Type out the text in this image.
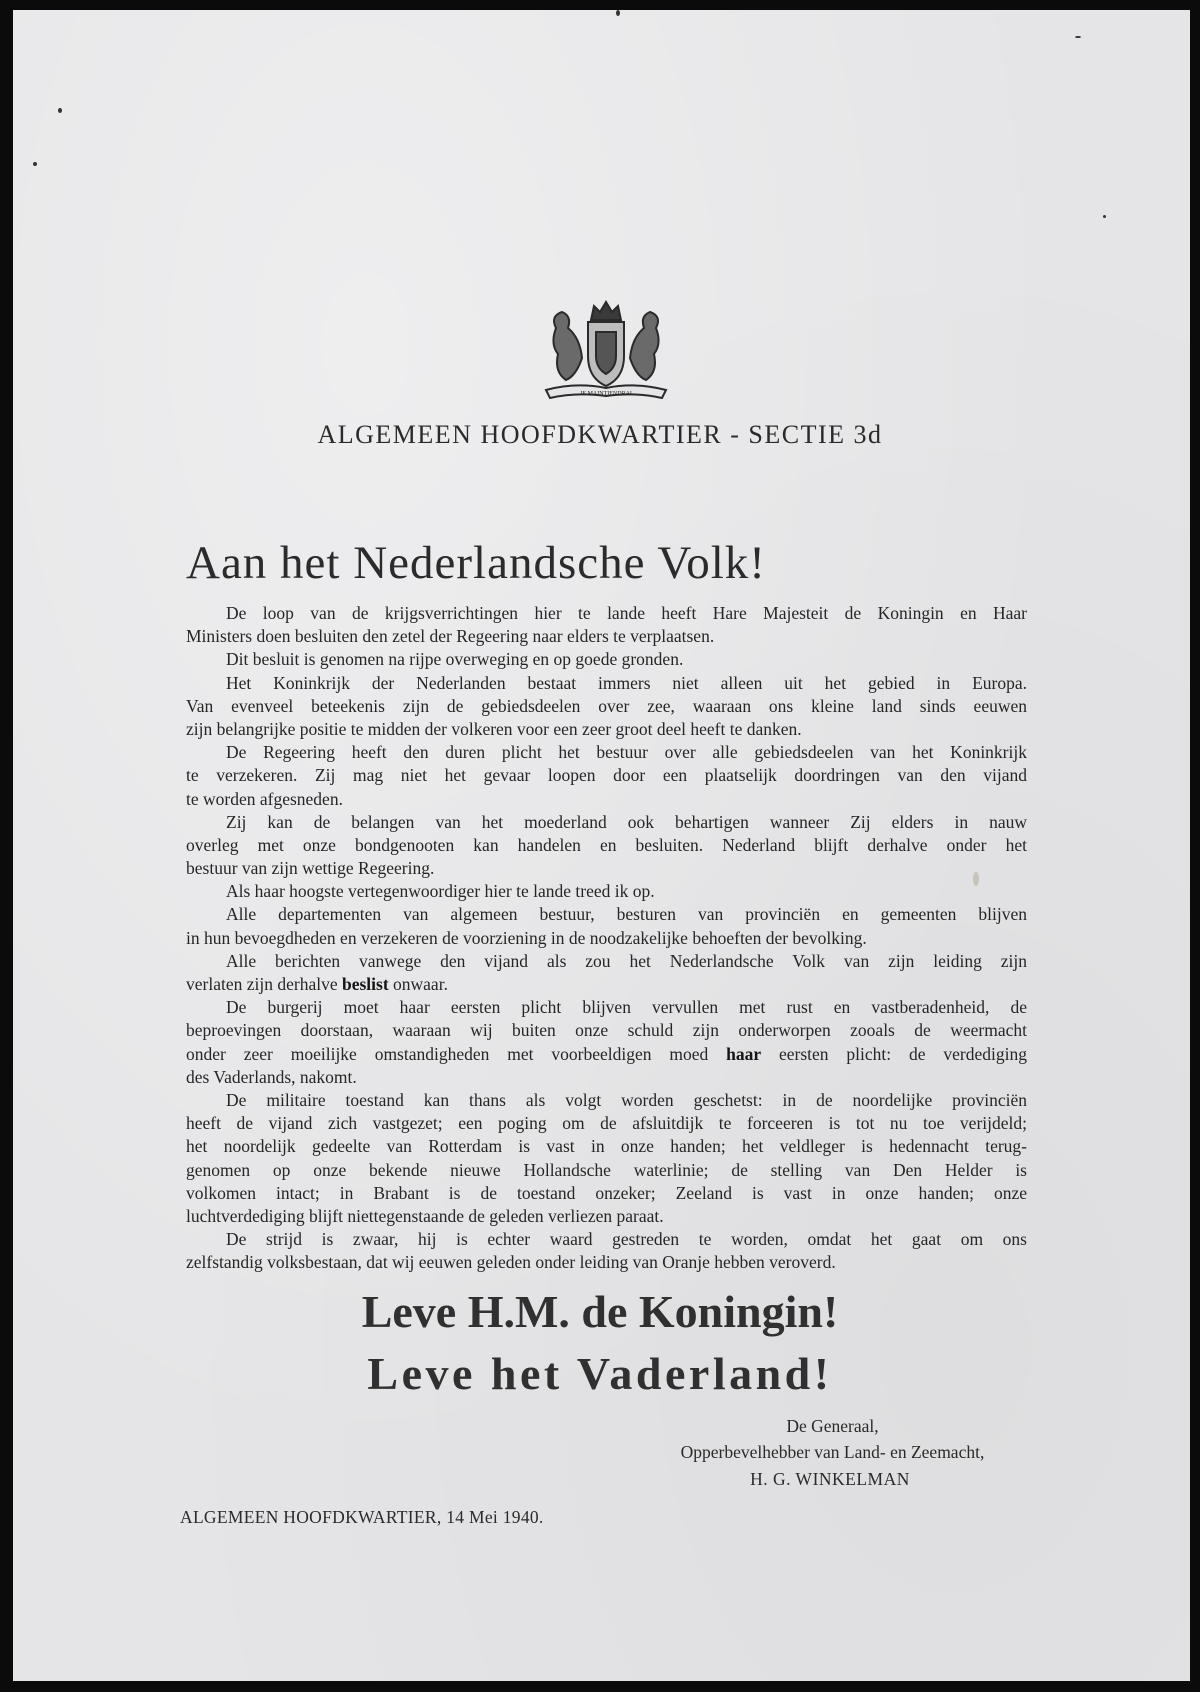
JE MAINTIENDRAI
ALGEMEEN HOOFDKWARTIER - SECTIE 3d
Aan het Nederlandsche Volk!
De loop van de krijgsverrichtingen hier te lande heeft Hare Majesteit de Koningin en Haar
Ministers doen besluiten den zetel der Regeering naar elders te verplaatsen.
Dit besluit is genomen na rijpe overweging en op goede gronden.
Het Koninkrijk der Nederlanden bestaat immers niet alleen uit het gebied in Europa.
Van evenveel beteekenis zijn de gebiedsdeelen over zee, waaraan ons kleine land sinds eeuwen
zijn belangrijke positie te midden der volkeren voor een zeer groot deel heeft te danken.
De Regeering heeft den duren plicht het bestuur over alle gebiedsdeelen van het Koninkrijk
te verzekeren. Zij mag niet het gevaar loopen door een plaatselijk doordringen van den vijand
te worden afgesneden.
Zij kan de belangen van het moederland ook behartigen wanneer Zij elders in nauw
overleg met onze bondgenooten kan handelen en besluiten. Nederland blijft derhalve onder het
bestuur van zijn wettige Regeering.
Als haar hoogste vertegenwoordiger hier te lande treed ik op.
Alle departementen van algemeen bestuur, besturen van provinciën en gemeenten blijven
in hun bevoegdheden en verzekeren de voorziening in de noodzakelijke behoeften der bevolking.
Alle berichten vanwege den vijand als zou het Nederlandsche Volk van zijn leiding zijn
verlaten zijn derhalve beslist onwaar.
De burgerij moet haar eersten plicht blijven vervullen met rust en vastberadenheid, de
beproevingen doorstaan, waaraan wij buiten onze schuld zijn onderworpen zooals de weermacht
onder zeer moeilijke omstandigheden met voorbeeldigen moed haar eersten plicht: de verdediging
des Vaderlands, nakomt.
De militaire toestand kan thans als volgt worden geschetst: in de noordelijke provinciën
heeft de vijand zich vastgezet; een poging om de afsluitdijk te forceeren is tot nu toe verijdeld;
het noordelijk gedeelte van Rotterdam is vast in onze handen; het veldleger is hedennacht terug-
genomen op onze bekende nieuwe Hollandsche waterlinie; de stelling van Den Helder is
volkomen intact; in Brabant is de toestand onzeker; Zeeland is vast in onze handen; onze
luchtverdediging blijft niettegenstaande de geleden verliezen paraat.
De strijd is zwaar, hij is echter waard gestreden te worden, omdat het gaat om ons
zelfstandig volksbestaan, dat wij eeuwen geleden onder leiding van Oranje hebben veroverd.
Leve H.M. de Koningin!
Leve het Vaderland!
De Generaal,
Opperbevelhebber van Land- en Zeemacht,
H. G. WINKELMAN
ALGEMEEN HOOFDKWARTIER, 14 Mei 1940.
